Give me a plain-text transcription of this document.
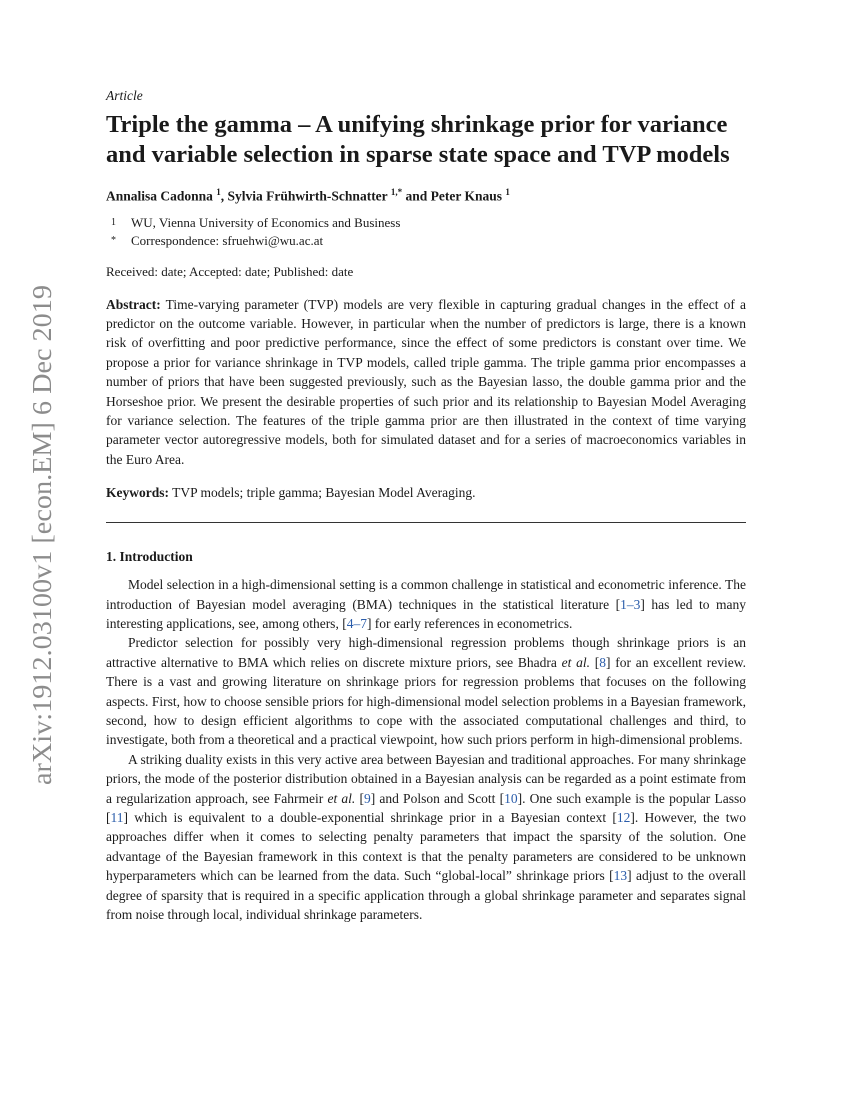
arXiv:1912.03100v1 [econ.EM] 6 Dec 2019
Article
Triple the gamma – A unifying shrinkage prior for variance and variable selection in sparse state space and TVP models
Annalisa Cadonna $^1$, Sylvia Frühwirth-Schnatter $^{1,*}$ and Peter Knaus $^1$
1	WU, Vienna University of Economics and Business
*	Correspondence: sfruehwi@wu.ac.at
Received: date; Accepted: date; Published: date

Abstract: Time-varying parameter (TVP) models are very flexible in capturing gradual changes in the effect of a predictor on the outcome variable. However, in particular when the number of predictors is large, there is a known risk of overfitting and poor predictive performance, since the effect of some predictors is constant over time. We propose a prior for variance shrinkage in TVP models, called triple gamma. The triple gamma prior encompasses a number of priors that have been suggested previously, such as the Bayesian lasso, the double gamma prior and the Horseshoe prior. We present the desirable properties of such prior and its relationship to Bayesian Model Averaging for variance selection. The features of the triple gamma prior are then illustrated in the context of time varying parameter vector autoregressive models, both for simulated dataset and for a series of macroeconomics variables in the Euro Area.

Keywords: TVP models; triple gamma; Bayesian Model Averaging.

1. Introduction

Model selection in a high-dimensional setting is a common challenge in statistical and econometric inference. The introduction of Bayesian model averaging (BMA) techniques in the statistical literature [1–3] has led to many interesting applications, see, among others, [4–7] for early references in econometrics.

Predictor selection for possibly very high-dimensional regression problems though shrinkage priors is an attractive alternative to BMA which relies on discrete mixture priors, see Bhadra et al. [8] for an excellent review. There is a vast and growing literature on shrinkage priors for regression problems that focuses on the following aspects. First, how to choose sensible priors for high-dimensional model selection problems in a Bayesian framework, second, how to design efficient algorithms to cope with the associated computational challenges and third, to investigate, both from a theoretical and a practical viewpoint, how such priors perform in high-dimensional problems.

A striking duality exists in this very active area between Bayesian and traditional approaches. For many shrinkage priors, the mode of the posterior distribution obtained in a Bayesian analysis can be regarded as a point estimate from a regularization approach, see Fahrmeir et al. [9] and Polson and Scott [10]. One such example is the popular Lasso [11] which is equivalent to a double-exponential shrinkage prior in a Bayesian context [12]. However, the two approaches differ when it comes to selecting penalty parameters that impact the sparsity of the solution. One advantage of the Bayesian framework in this context is that the penalty parameters are considered to be unknown hyperparameters which can be learned from the data. Such “global-local” shrinkage priors [13] adjust to the overall degree of sparsity that is required in a specific application through a global shrinkage parameter and separates signal from noise through local, individual shrinkage parameters.
